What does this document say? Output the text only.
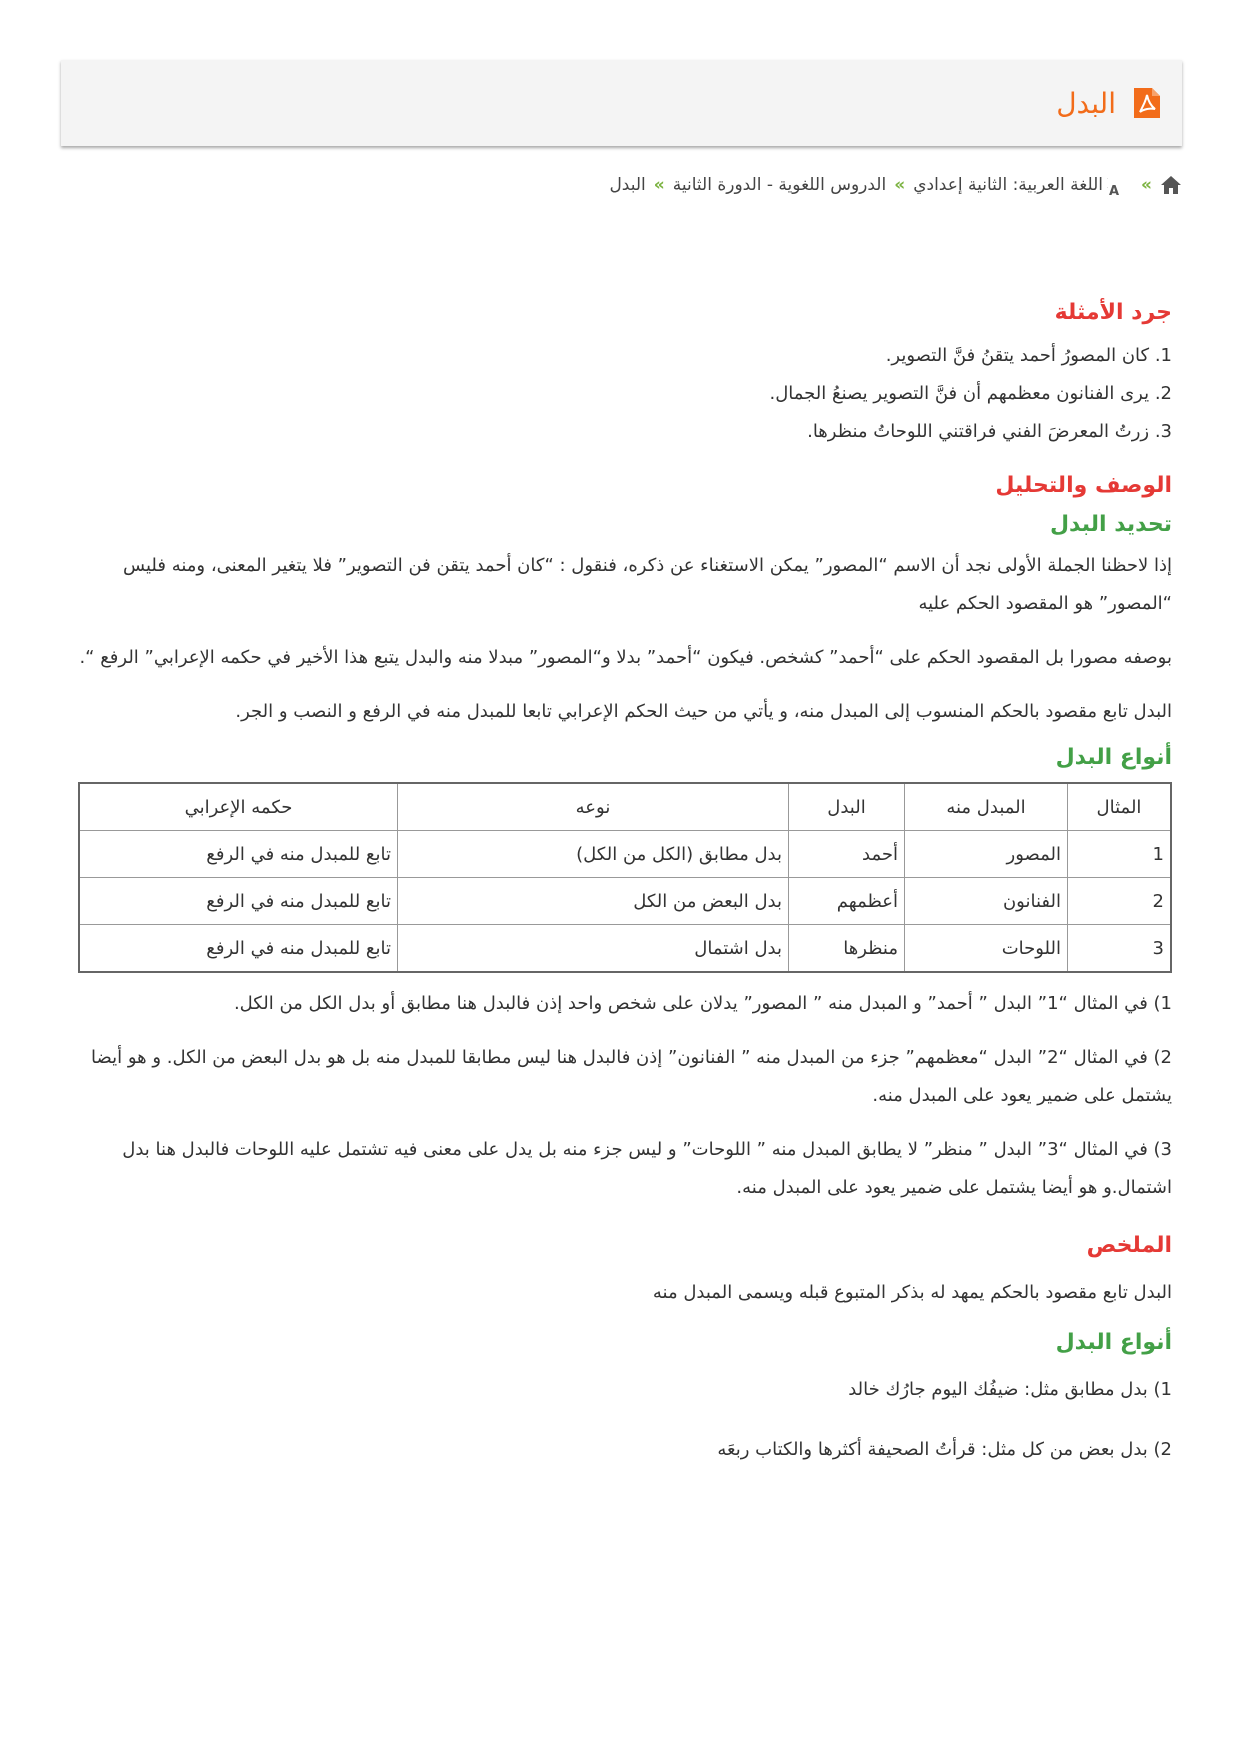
البدل
»
A
اللغة العربية: الثانية إعدادي
»
الدروس اللغوية - الدورة الثانية
»
البدل
جرد الأمثلة
1. كان المصورُ أحمد يتقنُ فنَّ التصوير.
2. يرى الفنانون معظمهم أن فنَّ التصوير يصنعُ الجمال.
3. زرتُ المعرضَ الفني فراقتني اللوحاتُ منظرها.
الوصف والتحليل
تحديد البدل

إذا لاحظنا الجملة الأولى نجد أن الاسم “المصور” يمكن الاستغناء عن ذكره، فنقول : “كان أحمد يتقن فن التصوير” فلا يتغير المعنى، ومنه فليس “المصور” هو المقصود الحكم عليه

بوصفه مصورا بل المقصود الحكم على “أحمد” كشخص. فيكون “أحمد” بدلا و“المصور” مبدلا منه والبدل يتبع هذا الأخير في حكمه الإعرابي” الرفع “.

البدل تابع مقصود بالحكم المنسوب إلى المبدل منه، و يأتي من حيث الحكم الإعرابي تابعا للمبدل منه في الرفع و النصب و الجر.

أنواع البدل
المثال	المبدل منه	البدل	نوعه	حكمه الإعرابي
1	المصور	أحمد	بدل مطابق (الكل من الكل)	تابع للمبدل منه في الرفع
2	الفنانون	أعظمهم	بدل البعض من الكل	تابع للمبدل منه في الرفع
3	اللوحات	منظرها	بدل اشتمال	تابع للمبدل منه في الرفع

1) في المثال “1” البدل ” أحمد” و المبدل منه ” المصور” يدلان على شخص واحد إذن فالبدل هنا مطابق أو بدل الكل من الكل.

2) في المثال “2” البدل “معظمهم” جزء من المبدل منه ” الفنانون” إذن فالبدل هنا ليس مطابقا للمبدل منه بل هو بدل البعض من الكل. و هو أيضا يشتمل على ضمير يعود على المبدل منه.

3) في المثال “3” البدل ” منظر” لا يطابق المبدل منه ” اللوحات” و ليس جزء منه بل يدل على معنى فيه تشتمل عليه اللوحات فالبدل هنا بدل اشتمال.و هو أيضا يشتمل على ضمير يعود على المبدل منه.

الملخص

البدل تابع مقصود بالحكم يمهد له بذكر المتبوع قبله ويسمى المبدل منه

أنواع البدل

1) بدل مطابق مثل: ضيفُك اليوم جارُك خالد

2) بدل بعض من كل مثل: قرأتُ الصحيفة أكثرها والكتاب ربعَه
